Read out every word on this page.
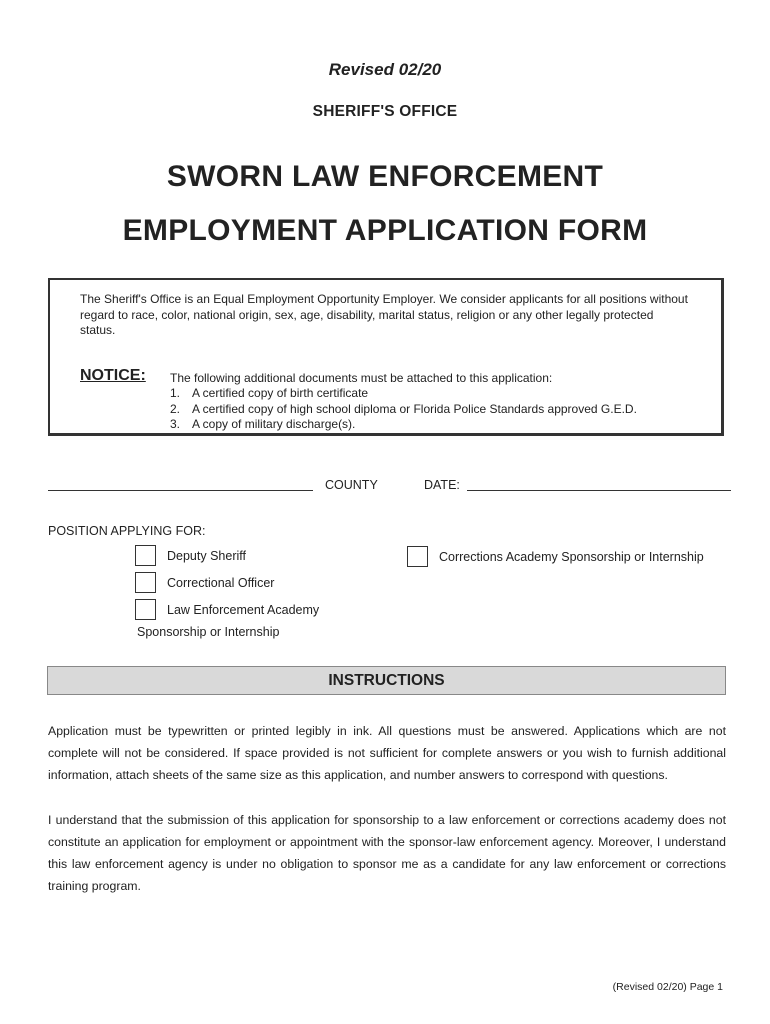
Revised 02/20
SHERIFF'S OFFICE
SWORN LAW ENFORCEMENT
EMPLOYMENT APPLICATION FORM
The Sheriff's Office is an Equal Employment Opportunity Employer. We consider applicants for all positions without regard to race, color, national origin, sex, age, disability, marital status, religion or any other legally protected status.
NOTICE: The following additional documents must be attached to this application:
1. A certified copy of birth certificate
2. A certified copy of high school diploma or Florida Police Standards approved G.E.D.
3. A copy of military discharge(s).
COUNTY	DATE:
POSITION APPLYING FOR:
Deputy Sheriff
Correctional Officer
Law Enforcement Academy
Sponsorship or Internship
Corrections Academy Sponsorship or Internship
INSTRUCTIONS
Application must be typewritten or printed legibly in ink. All questions must be answered. Applications which are not complete will not be considered. If space provided is not sufficient for complete answers or you wish to furnish additional information, attach sheets of the same size as this application, and number answers to correspond with questions.
I understand that the submission of this application for sponsorship to a law enforcement or corrections academy does not constitute an application for employment or appointment with the sponsor-law enforcement agency. Moreover, I understand this law enforcement agency is under no obligation to sponsor me as a candidate for any law enforcement or corrections training program.
(Revised 02/20) Page 1
